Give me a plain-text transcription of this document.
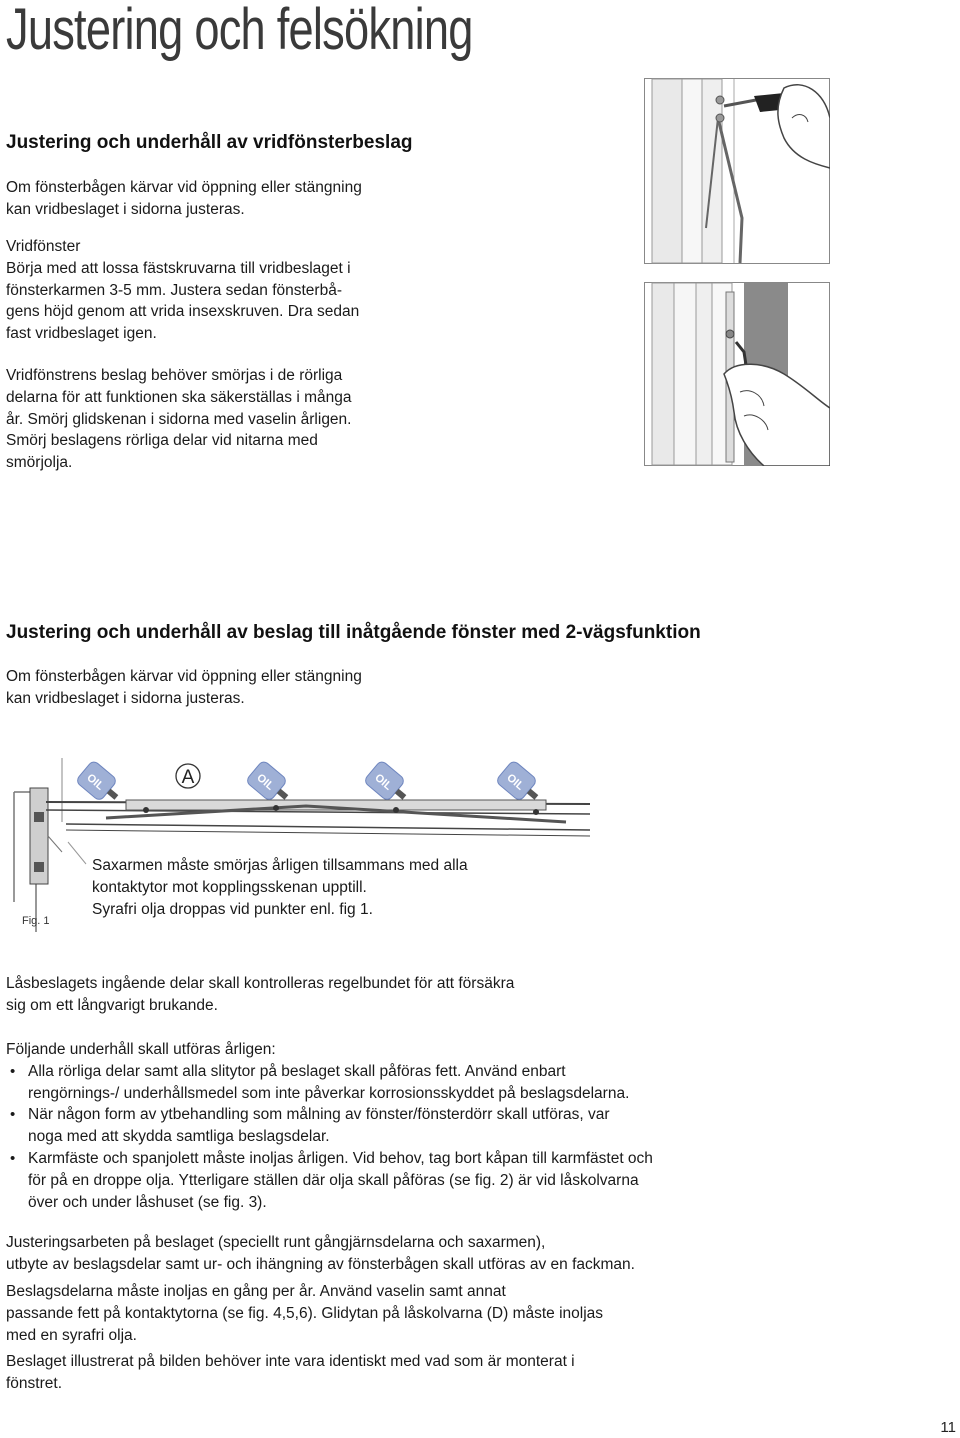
Justering och felsökning
Justering och underhåll av vridfönsterbeslag
Om fönsterbågen kärvar vid öppning eller stängning
kan vridbeslaget i sidorna justeras.
Vridfönster
Börja med att lossa fästskruvarna till vridbeslaget i
fönsterkarmen 3-5 mm. Justera sedan fönsterbå-
gens höjd genom att vrida insexskruven. Dra sedan
fast vridbeslaget igen.
Vridfönstrens beslag behöver smörjas i de rörliga
delarna för att funktionen ska säkerställas i många
år. Smörj glidskenan i sidorna med vaselin årligen.
Smörj beslagens rörliga delar vid nitarna med
smörjolja.
Justering och underhåll av beslag till inåtgående fönster med 2-vägsfunktion
Om fönsterbågen kärvar vid öppning eller stängning
kan vridbeslaget i sidorna justeras.
A
OIL	OIL	OIL	OIL
Fig. 1
Saxarmen måste smörjas årligen tillsammans med alla
kontaktytor mot kopplingsskenan upptill.
Syrafri olja droppas vid punkter enl. fig 1.
Låsbeslagets ingående delar skall kontrolleras regelbundet för att försäkra
sig om ett långvarigt brukande.
Följande underhåll skall utföras årligen:
• Alla rörliga delar samt alla slitytor på beslaget skall påföras fett. Använd enbart
rengörnings-/ underhållsmedel som inte påverkar korrosionsskyddet på beslagsdelarna.
• När någon form av ytbehandling som målning av fönster/fönsterdörr skall utföras, var
noga med att skydda samtliga beslagsdelar.
• Karmfäste och spanjolett måste inoljas årligen. Vid behov, tag bort kåpan till karmfästet och
för på en droppe olja. Ytterligare ställen där olja skall påföras (se fig. 2) är vid låskolvarna
över och under låshuset (se fig. 3).
Justeringsarbeten på beslaget (speciellt runt gångjärnsdelarna och saxarmen),
utbyte av beslagsdelar samt ur- och ihängning av fönsterbågen skall utföras av en fackman.
Beslagsdelarna måste inoljas en gång per år. Använd vaselin samt annat
passande fett på kontaktytorna (se fig. 4,5,6). Glidytan på låskolvarna (D) måste inoljas
med en syrafri olja.
Beslaget illustrerat på bilden behöver inte vara identiskt med vad som är monterat i
fönstret.
11
